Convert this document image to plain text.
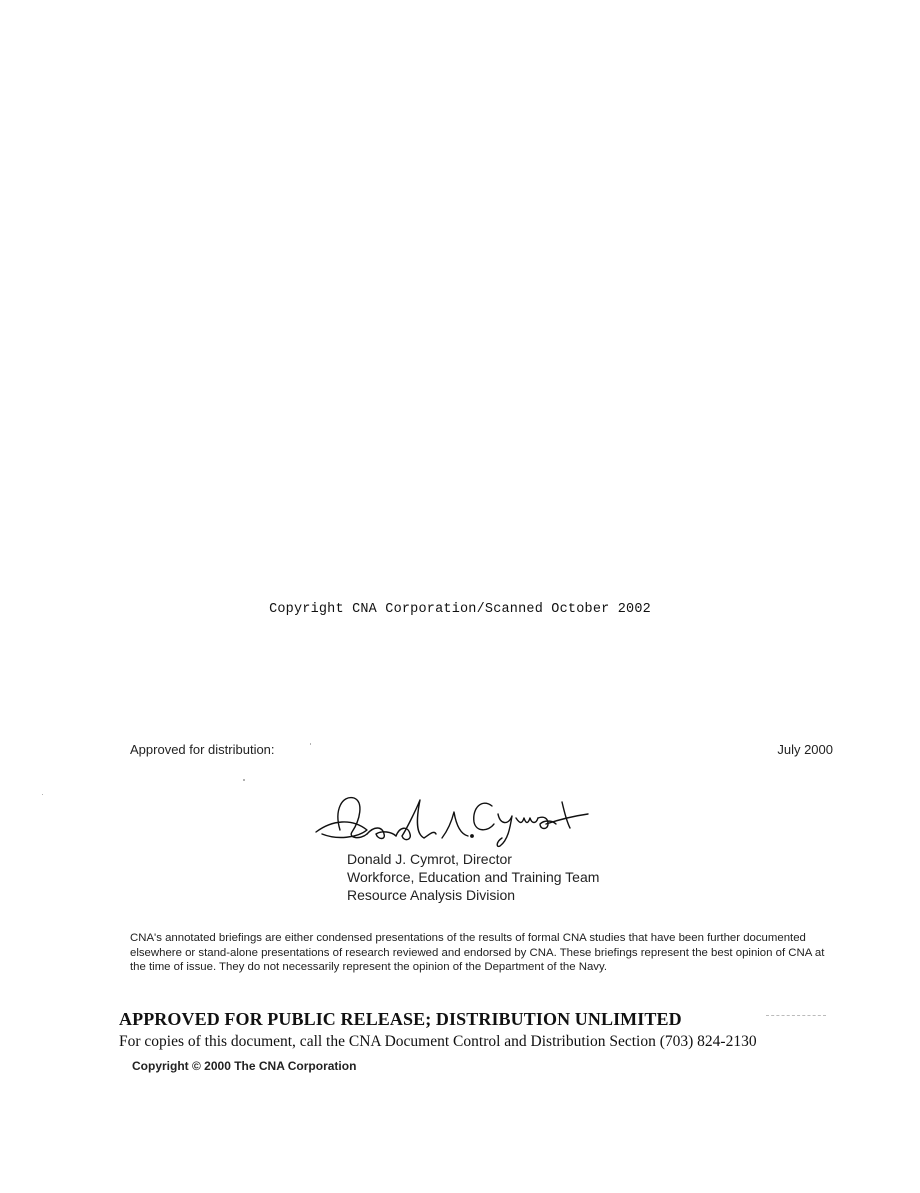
Copyright CNA Corporation/Scanned October 2002
Approved for distribution:	July 2000
Donald J. Cymrot, Director
Workforce, Education and Training Team
Resource Analysis Division
CNA's annotated briefings are either condensed presentations of the results of formal CNA studies that have been further documented elsewhere or stand-alone presentations of research reviewed and endorsed by CNA. These briefings represent the best opinion of CNA at the time of issue. They do not necessarily represent the opinion of the Department of the Navy.
APPROVED FOR PUBLIC RELEASE; DISTRIBUTION UNLIMITED
For copies of this document, call the CNA Document Control and Distribution Section (703) 824-2130
Copyright © 2000 The CNA Corporation
